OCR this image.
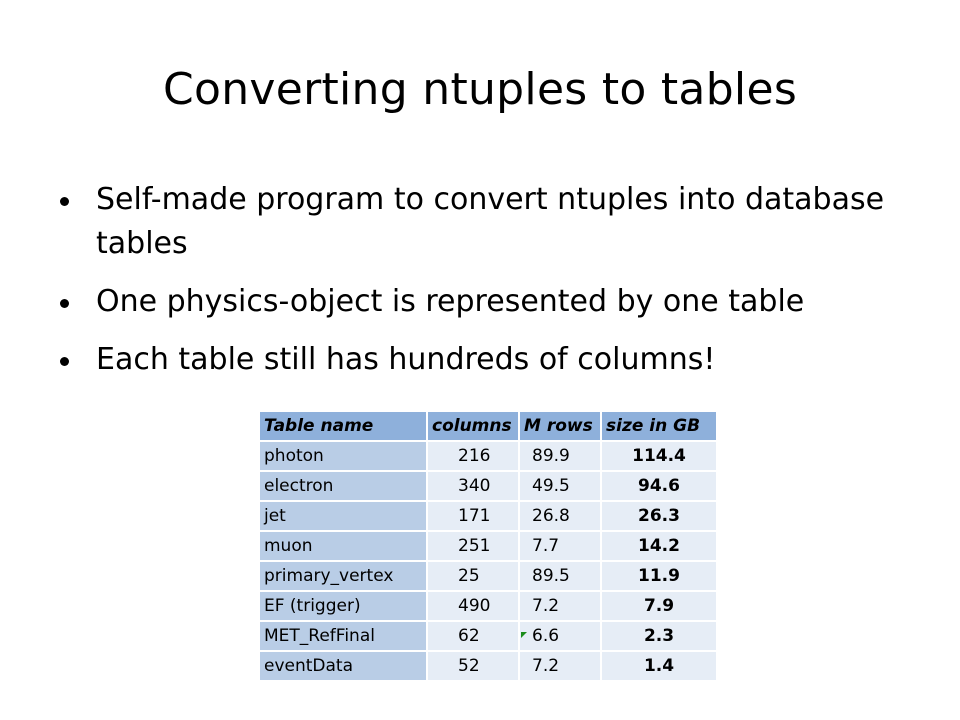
Converting ntuples to tables
Self-made program to convert ntuples into database tables
One physics-object is represented by one table
Each table still has hundreds of columns!
Table name	columns	M rows	size in GB
photon	216	89.9	114.4
electron	340	49.5	94.6
jet	171	26.8	26.3
muon	251	7.7	14.2
primary_vertex	25	89.5	11.9
EF (trigger)	490	7.2	7.9
MET_RefFinal	62	6.6	2.3
eventData	52	7.2	1.4
